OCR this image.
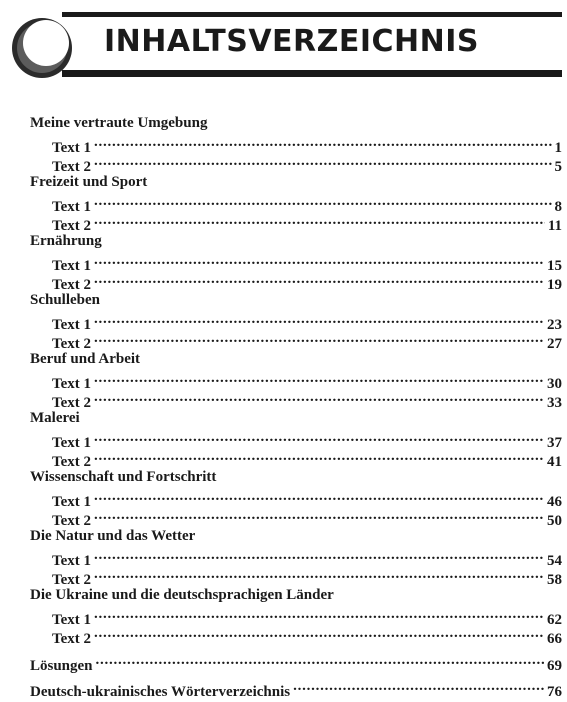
INHALTSVERZEICHNIS
Meine vertraute Umgebung
Text 1 . . .	1
Text 2 . . .	5
Freizeit und Sport
Text 1 . . .	8
Text 2 . . .	11
Ernährung
Text 1 . . .	15
Text 2 . . .	19
Schulleben
Text 1 . . .	23
Text 2 . . .	27
Beruf und Arbeit
Text 1 . . .	30
Text 2 . . .	33
Malerei
Text 1 . . .	37
Text 2 . . .	41
Wissenschaft und Fortschritt
Text 1 . . .	46
Text 2 . . .	50
Die Natur und das Wetter
Text 1 . . .	54
Text 2 . . .	58
Die Ukraine und die deutschsprachigen Länder
Text 1 . . .	62
Text 2 . . .	66
Lösungen . . .	69
Deutsch-ukrainisches Wörterverzeichnis . . .	76
